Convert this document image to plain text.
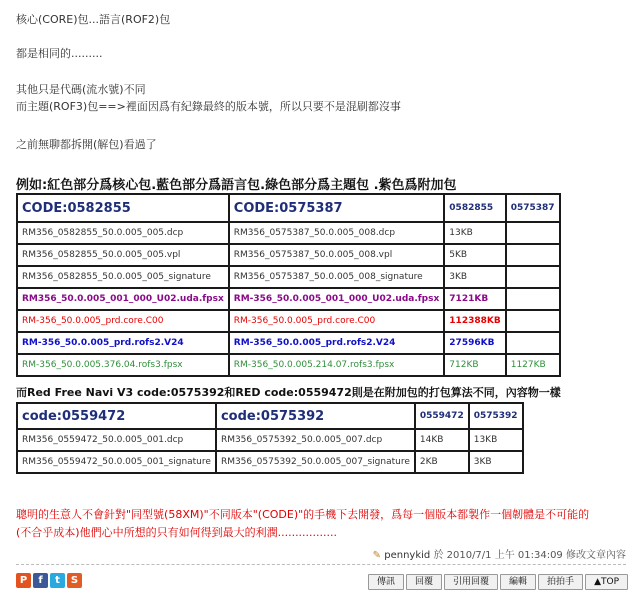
核心(CORE)包...語言(ROF2)包
都是相同的.........
其他只是代碼(流水號)不同
而主題(ROF3)包==>裡面因爲有紀錄最終的版本號，所以只要不是混刷都沒事
之前無聊都拆開(解包)看過了
例如:紅色部分爲核心包.藍色部分爲語言包.綠色部分爲主題包 .紫色爲附加包
CODE:0582855	CODE:0575387	0582855	0575387
RM356_0582855_50.0.005_005.dcp	RM356_0575387_50.0.005_008.dcp	13KB	
RM356_0582855_50.0.005_005.vpl	RM356_0575387_50.0.005_008.vpl	5KB	
RM356_0582855_50.0.005_005_signature	RM356_0575387_50.0.005_008_signature	3KB	
RM356_50.0.005_001_000_U02.uda.fpsx	RM-356_50.0.005_001_000_U02.uda.fpsx	7121KB	
RM-356_50.0.005_prd.core.C00	RM-356_50.0.005_prd.core.C00	112388KB	
RM-356_50.0.005_prd.rofs2.V24	RM-356_50.0.005_prd.rofs2.V24	27596KB	
RM-356_50.0.005.376.04.rofs3.fpsx	RM-356_50.0.005.214.07.rofs3.fpsx	712KB	1127KB
而Red Free Navi V3 code:0575392和RED code:0559472則是在附加包的打包算法不同，內容物一樣
code:0559472	code:0575392	0559472	0575392
RM356_0559472_50.0.005_001.dcp	RM356_0575392_50.0.005_007.dcp	14KB	13KB
RM356_0559472_50.0.005_001_signature	RM356_0575392_50.0.005_007_signature	2KB	3KB
聰明的生意人不會針對"同型號(58XM)"不同版本"(CODE)"的手機下去開發，爲每一個版本都製作一個韌體是不可能的
(不合乎成本)他們心中所想的只有如何得到最大的利潤.................
✎ pennykid 於 2010/7/1 上午 01:34:09 修改文章內容
P	f	t	S	傳訊	回覆	引用回覆	編輯	拍拍手	▲TOP
